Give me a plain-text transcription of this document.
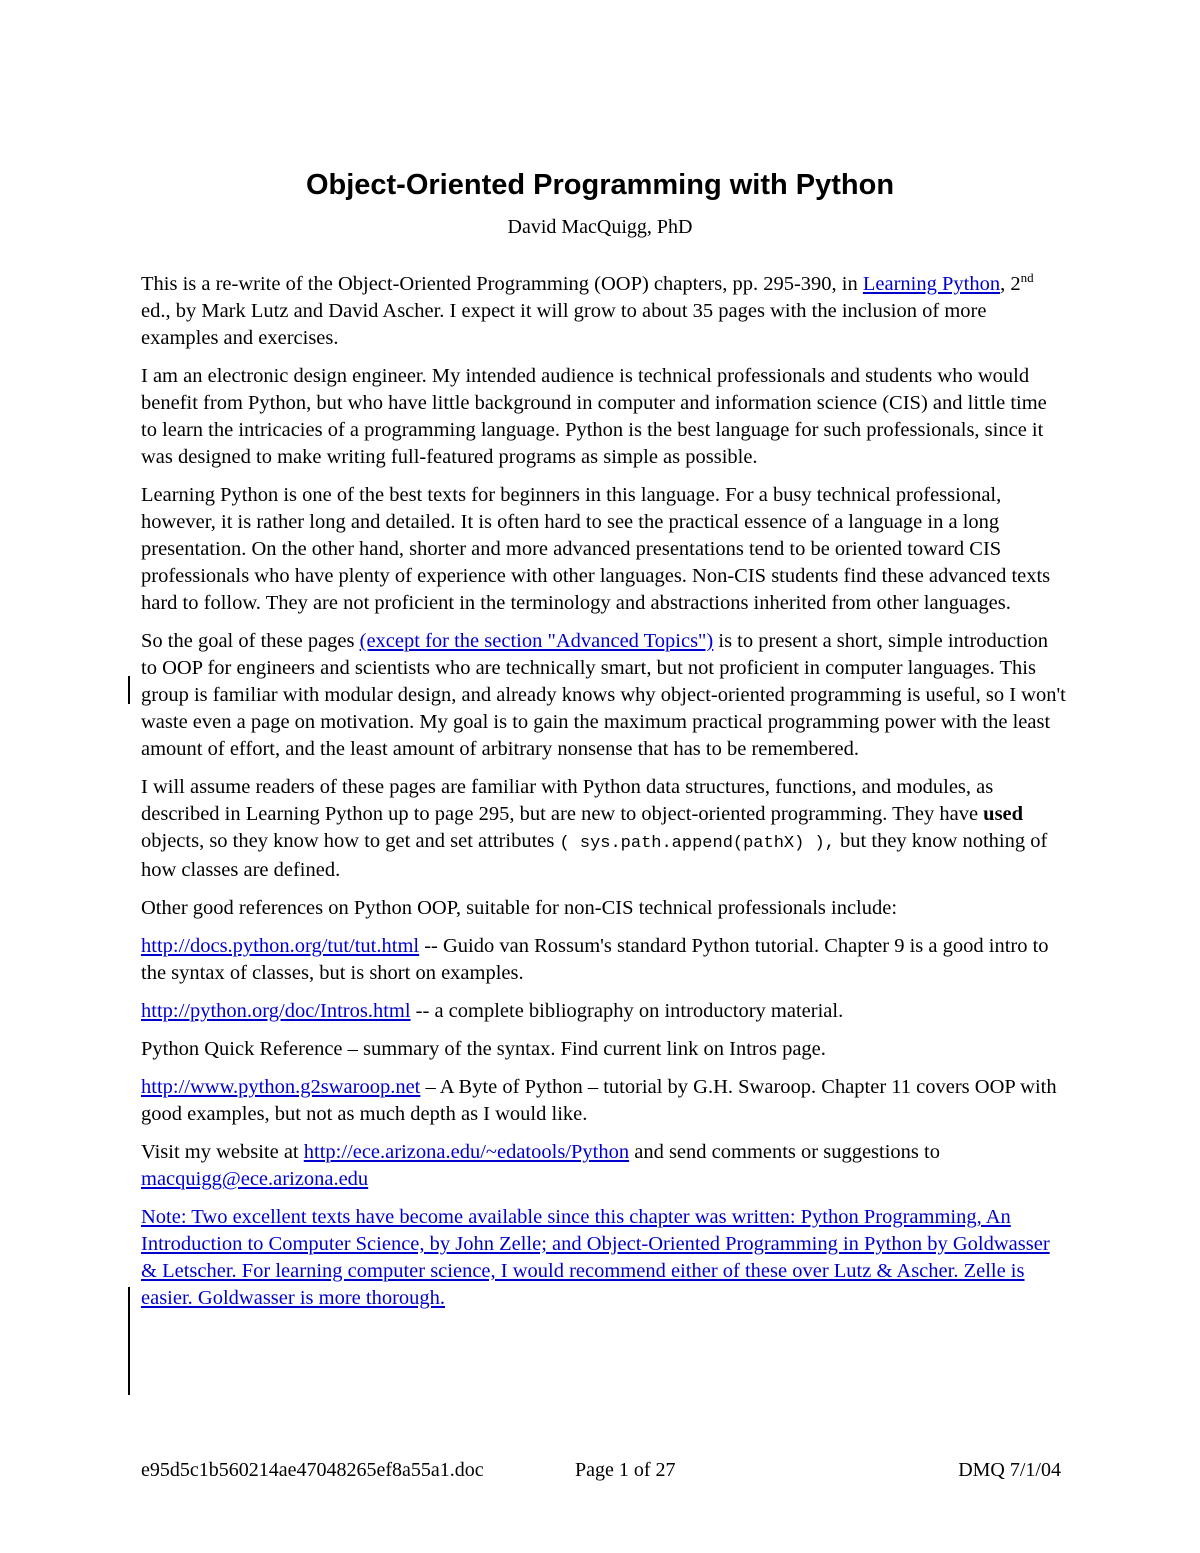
Object-Oriented Programming with Python
David MacQuigg, PhD

This is a re-write of the Object-Oriented Programming (OOP) chapters, pp. 295-390, in Learning Python, 2nd ed., by Mark Lutz and David Ascher. I expect it will grow to about 35 pages with the inclusion of more examples and exercises.

I am an electronic design engineer. My intended audience is technical professionals and students who would benefit from Python, but who have little background in computer and information science (CIS) and little time to learn the intricacies of a programming language. Python is the best language for such professionals, since it was designed to make writing full-featured programs as simple as possible.

Learning Python is one of the best texts for beginners in this language. For a busy technical professional, however, it is rather long and detailed. It is often hard to see the practical essence of a language in a long presentation. On the other hand, shorter and more advanced presentations tend to be oriented toward CIS professionals who have plenty of experience with other languages. Non-CIS students find these advanced texts hard to follow. They are not proficient in the terminology and abstractions inherited from other languages.

So the goal of these pages (except for the section "Advanced Topics") is to present a short, simple introduction to OOP for engineers and scientists who are technically smart, but not proficient in computer languages. This group is familiar with modular design, and already knows why object-oriented programming is useful, so I won't waste even a page on motivation. My goal is to gain the maximum practical programming power with the least amount of effort, and the least amount of arbitrary nonsense that has to be remembered.

I will assume readers of these pages are familiar with Python data structures, functions, and modules, as described in Learning Python up to page 295, but are new to object-oriented programming. They have used objects, so they know how to get and set attributes ( sys.path.append(pathX) ), but they know nothing of how classes are defined.

Other good references on Python OOP, suitable for non-CIS technical professionals include:

http://docs.python.org/tut/tut.html -- Guido van Rossum's standard Python tutorial. Chapter 9 is a good intro to the syntax of classes, but is short on examples.

http://python.org/doc/Intros.html -- a complete bibliography on introductory material.

Python Quick Reference – summary of the syntax. Find current link on Intros page.

http://www.python.g2swaroop.net – A Byte of Python – tutorial by G.H. Swaroop. Chapter 11 covers OOP with good examples, but not as much depth as I would like.

Visit my website at http://ece.arizona.edu/~edatools/Python and send comments or suggestions to macquigg@ece.arizona.edu

Note: Two excellent texts have become available since this chapter was written: Python Programming, An Introduction to Computer Science, by John Zelle; and Object-Oriented Programming in Python by Goldwasser & Letscher. For learning computer science, I would recommend either of these over Lutz & Ascher. Zelle is easier. Goldwasser is more thorough.

e95d5c1b560214ae47048265ef8a55a1.doc	Page 1 of 27	DMQ 7/1/04
